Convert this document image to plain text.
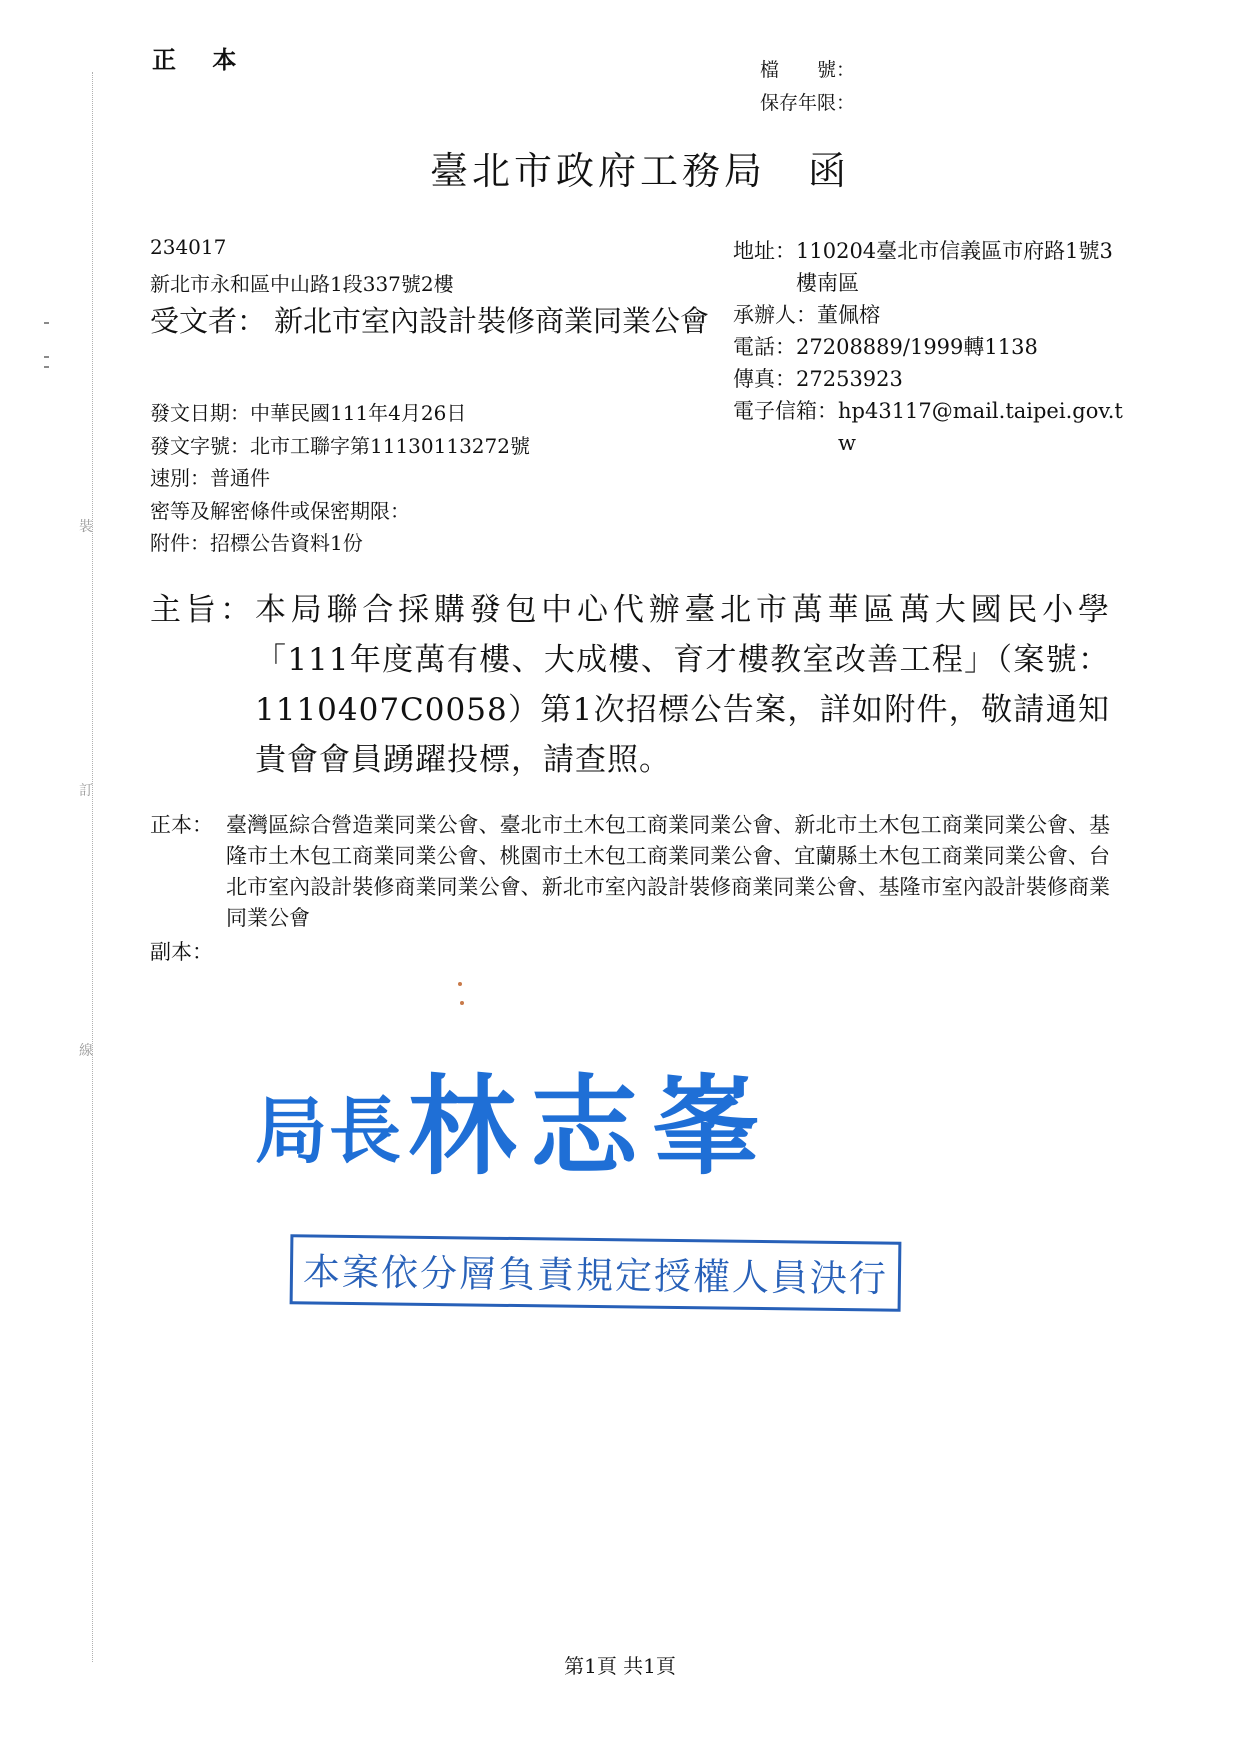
裝
訂
線
正 本	檔　　號：
保存年限：
臺北市政府工務局　函
234017
新北市永和區中山路1段337號2樓
受文者： 新北市室內設計裝修商業同業公會
地址： 110204臺北市信義區市府路1號3樓南區
承辦人： 董佩榕
電話： 27208889/1999轉1138
傳真： 27253923
電子信箱： hp43117@mail.taipei.gov.tw
發文日期：中華民國111年4月26日
發文字號：北市工聯字第11130113272號
速別：普通件
密等及解密條件或保密期限：
附件：招標公告資料1份
主旨： 本局聯合採購發包中心代辦臺北市萬華區萬大國民小學「111年度萬有樓、大成樓、育才樓教室改善工程」（案號：1110407C0058）第1次招標公告案，詳如附件，敬請通知貴會會員踴躍投標，請查照。
正本： 臺灣區綜合營造業同業公會、臺北市土木包工商業同業公會、新北市土木包工商業同業公會、基隆市土木包工商業同業公會、桃園市土木包工商業同業公會、宜蘭縣土木包工商業同業公會、台北市室內設計裝修商業同業公會、新北市室內設計裝修商業同業公會、基隆市室內設計裝修商業同業公會
副本：
局長 林志峯
本案依分層負責規定授權人員決行
第1頁 共1頁
